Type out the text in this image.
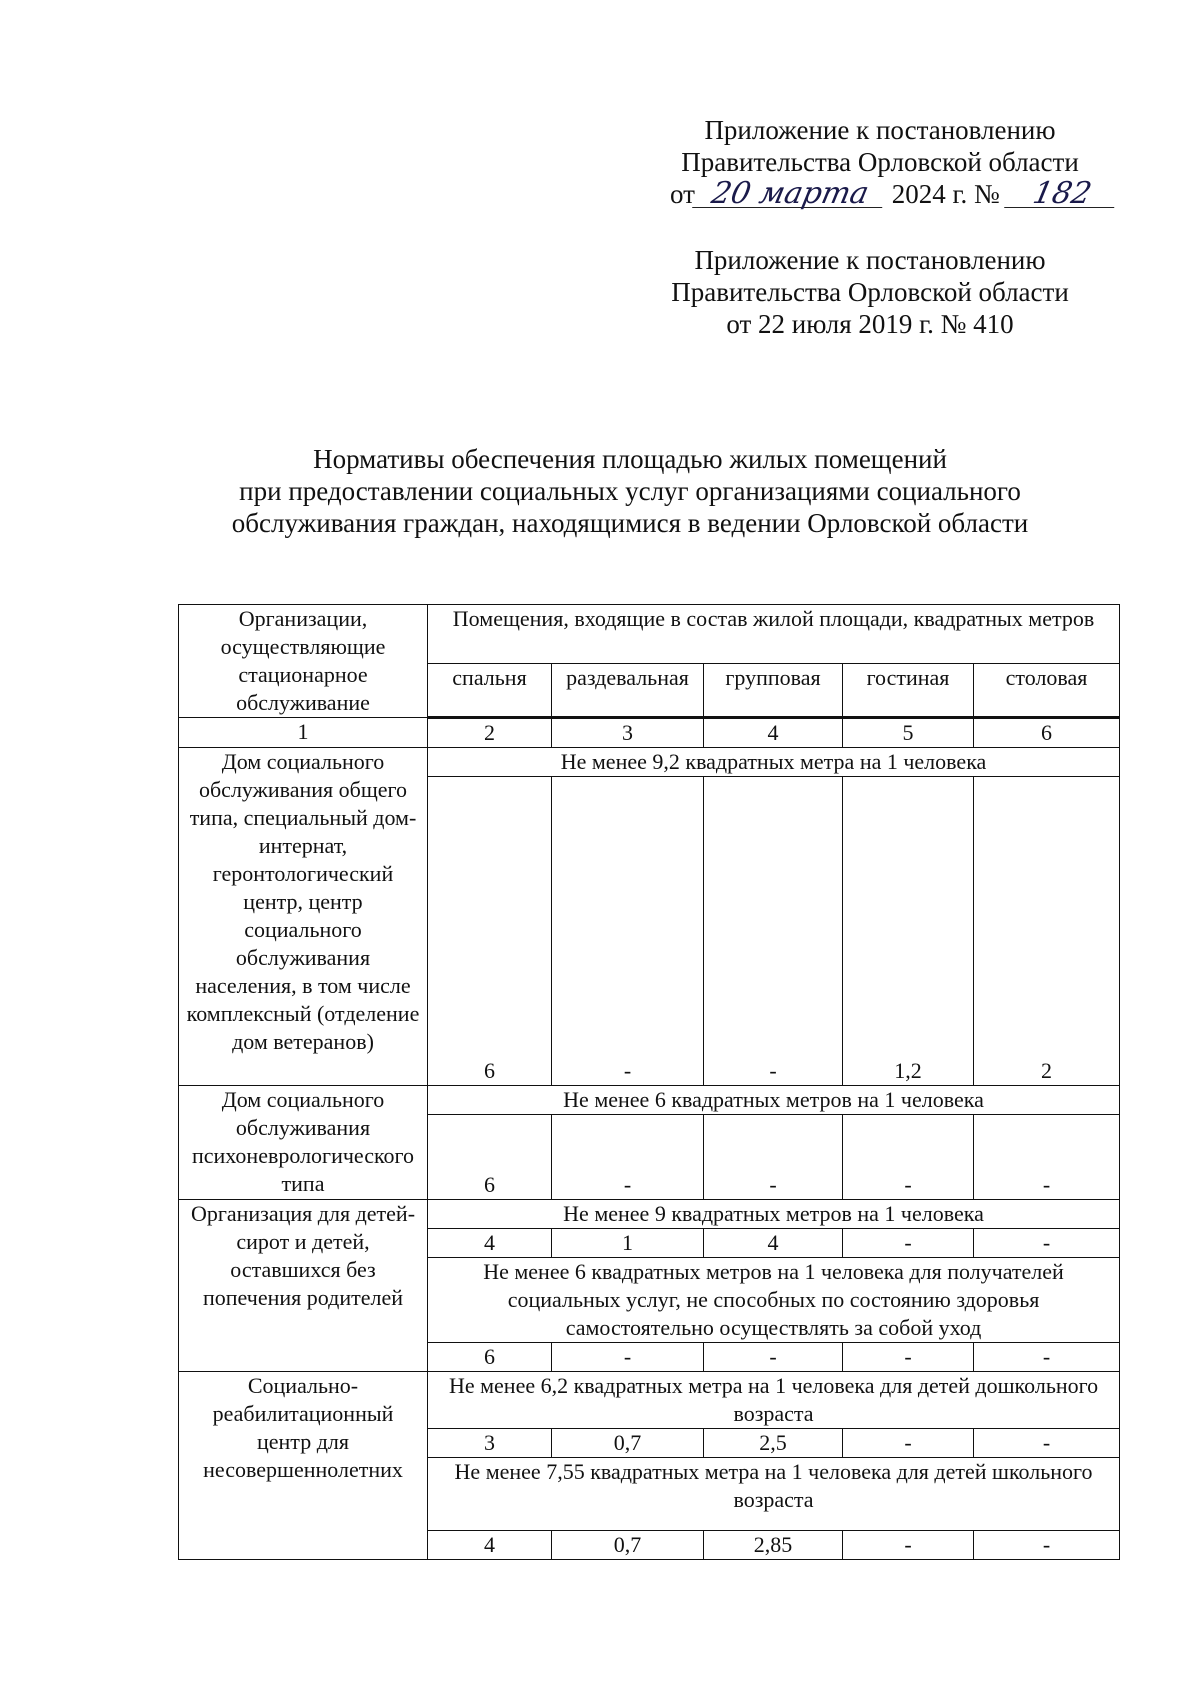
Приложение к постановлению
Правительства Орловской области
от 20 марта 2024 г. № 182
Приложение к постановлению
Правительства Орловской области
от 22 июля 2019 г. № 410
Нормативы обеспечения площадью жилых помещений
при предоставлении социальных услуг организациями социального
обслуживания граждан, находящимися в ведении Орловской области
Организации, осуществляющие стационарное обслуживание	Помещения, входящие в состав жилой площади, квадратных метров				
	спальня	раздевальная	групповая	гостиная	столовая
1	2	3	4	5	6
Дом социального обслуживания общего типа, специальный дом-интернат, геронтологический центр, центр социального обслуживания населения, в том числе комплексный (отделение дом ветеранов)	Не менее 9,2 квадратных метра на 1 человека				
	6	-	-	1,2	2
Дом социального обслуживания психоневрологического типа	Не менее 6 квадратных метров на 1 человека				
	6	-	-	-	-
Организация для детей-сирот и детей, оставшихся без попечения родителей	Не менее 9 квадратных метров на 1 человека				
	4	1	4	-	-
	Не менее 6 квадратных метров на 1 человека для получателей социальных услуг, не способных по состоянию здоровья самостоятельно осуществлять за собой уход				
	6	-	-	-	-
Социально-реабилитационный центр для несовершеннолетних	Не менее 6,2 квадратных метра на 1 человека для детей дошкольного возраста				
	3	0,7	2,5	-	-
	Не менее 7,55 квадратных метра на 1 человека для детей школьного возраста				
	4	0,7	2,85	-	-
